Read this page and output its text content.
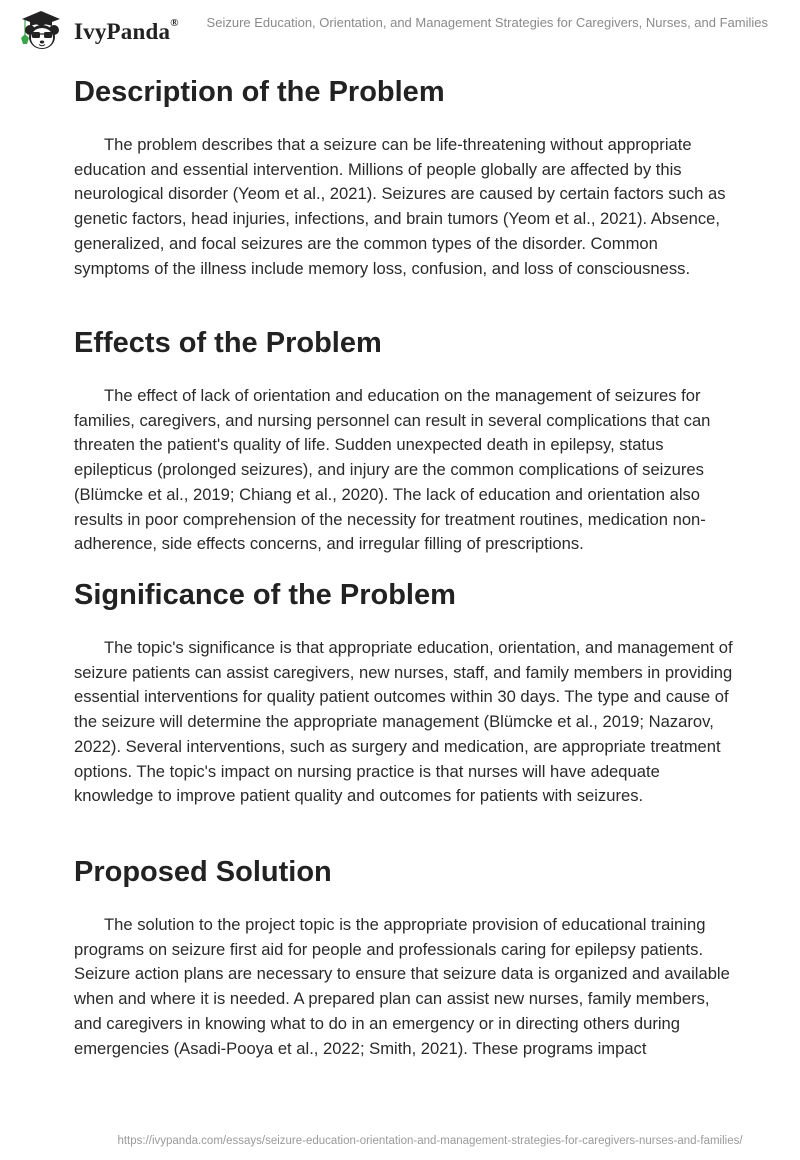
IvyPanda® Seizure Education, Orientation, and Management Strategies for Caregivers, Nurses, and Families
Description of the Problem

The problem describes that a seizure can be life-threatening without appropriate education and essential intervention. Millions of people globally are affected by this neurological disorder (Yeom et al., 2021). Seizures are caused by certain factors such as genetic factors, head injuries, infections, and brain tumors (Yeom et al., 2021). Absence, generalized, and focal seizures are the common types of the disorder. Common symptoms of the illness include memory loss, confusion, and loss of consciousness.

Effects of the Problem

The effect of lack of orientation and education on the management of seizures for families, caregivers, and nursing personnel can result in several complications that can threaten the patient's quality of life. Sudden unexpected death in epilepsy, status epilepticus (prolonged seizures), and injury are the common complications of seizures (Blümcke et al., 2019; Chiang et al., 2020). The lack of education and orientation also results in poor comprehension of the necessity for treatment routines, medication non-adherence, side effects concerns, and irregular filling of prescriptions.

Significance of the Problem

The topic's significance is that appropriate education, orientation, and management of seizure patients can assist caregivers, new nurses, staff, and family members in providing essential interventions for quality patient outcomes within 30 days. The type and cause of the seizure will determine the appropriate management (Blümcke et al., 2019; Nazarov, 2022). Several interventions, such as surgery and medication, are appropriate treatment options. The topic's impact on nursing practice is that nurses will have adequate knowledge to improve patient quality and outcomes for patients with seizures.

Proposed Solution

The solution to the project topic is the appropriate provision of educational training programs on seizure first aid for people and professionals caring for epilepsy patients. Seizure action plans are necessary to ensure that seizure data is organized and available when and where it is needed. A prepared plan can assist new nurses, family members, and caregivers in knowing what to do in an emergency or in directing others during emergencies (Asadi-Pooya et al., 2022; Smith, 2021). These programs impact

https://ivypanda.com/essays/seizure-education-orientation-and-management-strategies-for-caregivers-nurses-and-families/
